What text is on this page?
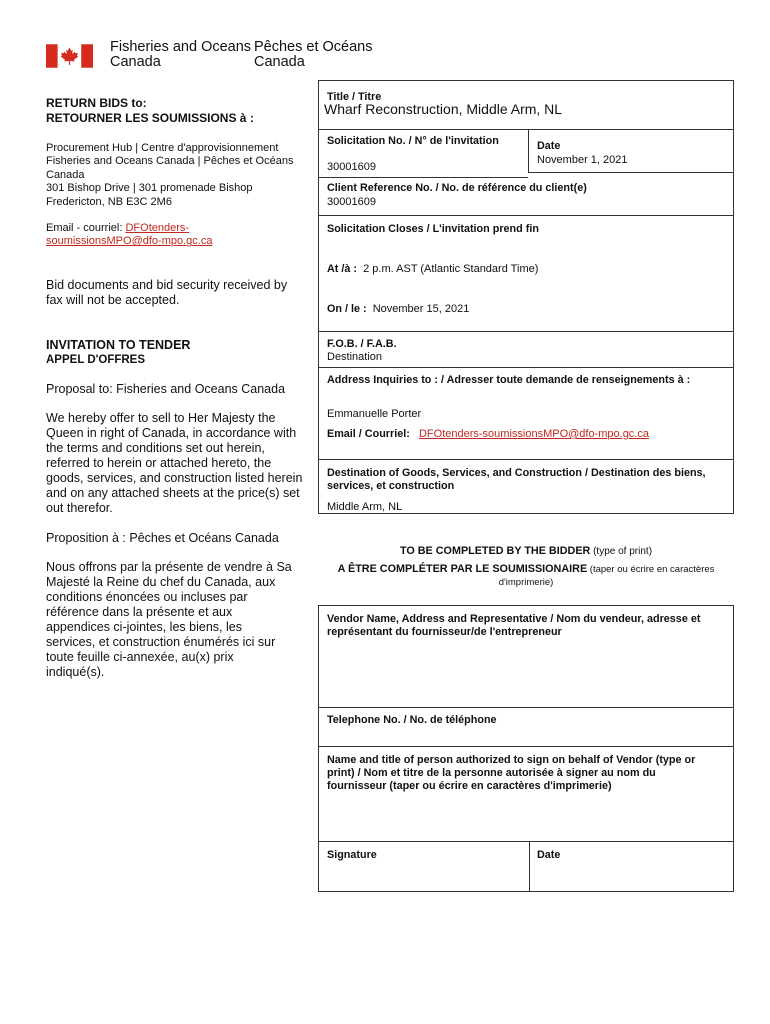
Fisheries and Oceans
Canada
Pêches et Océans
Canada
RETURN BIDS to:
RETOURNER LES SOUMISSIONS à :
Procurement Hub | Centre d'approvisionnement
Fisheries and Oceans Canada | Pêches et Océans
Canada
301 Bishop Drive | 301 promenade Bishop
Fredericton, NB E3C 2M6
Email - courriel: DFOtenders-
soumissionsMPO@dfo-mpo.gc.ca
Bid documents and bid security received by
fax will not be accepted.
INVITATION TO TENDER
APPEL D'OFFRES
Proposal to: Fisheries and Oceans Canada
We hereby offer to sell to Her Majesty the
Queen in right of Canada, in accordance with
the terms and conditions set out herein,
referred to herein or attached hereto, the
goods, services, and construction listed herein
and on any attached sheets at the price(s) set
out therefor.
Proposition à : Pêches et Océans Canada
Nous offrons par la présente de vendre à Sa
Majesté la Reine du chef du Canada, aux
conditions énoncées ou incluses par
référence dans la présente et aux
appendices ci-jointes, les biens, les
services, et construction énumérés ici sur
toute feuille ci-annexée, au(x) prix
indiqué(s).
Title / Titre
Wharf Reconstruction, Middle Arm, NL
Solicitation No. / N° de l'invitation
30001609
Date
November 1, 2021
Client Reference No. / No. de référence du client(e)
30001609
Solicitation Closes / L'invitation prend fin
At /à : 2 p.m. AST (Atlantic Standard Time)
On / le : November 15, 2021
F.O.B. / F.A.B.
Destination
Address Inquiries to : / Adresser toute demande de renseignements à :
Emmanuelle Porter
Email / Courriel: DFOtenders-soumissionsMPO@dfo-mpo.gc.ca
Destination of Goods, Services, and Construction / Destination des biens,
services, et construction
Middle Arm, NL
TO BE COMPLETED BY THE BIDDER (type of print)
A ÊTRE COMPLÉTER PAR LE SOUMISSIONAIRE (taper ou écrire en caractères
d'imprimerie)
Vendor Name, Address and Representative / Nom du vendeur, adresse et
représentant du fournisseur/de l'entrepreneur
Telephone No. / No. de téléphone
Name and title of person authorized to sign on behalf of Vendor (type or
print) / Nom et titre de la personne autorisée à signer au nom du
fournisseur (taper ou écrire en caractères d'imprimerie)
Signature	Date
